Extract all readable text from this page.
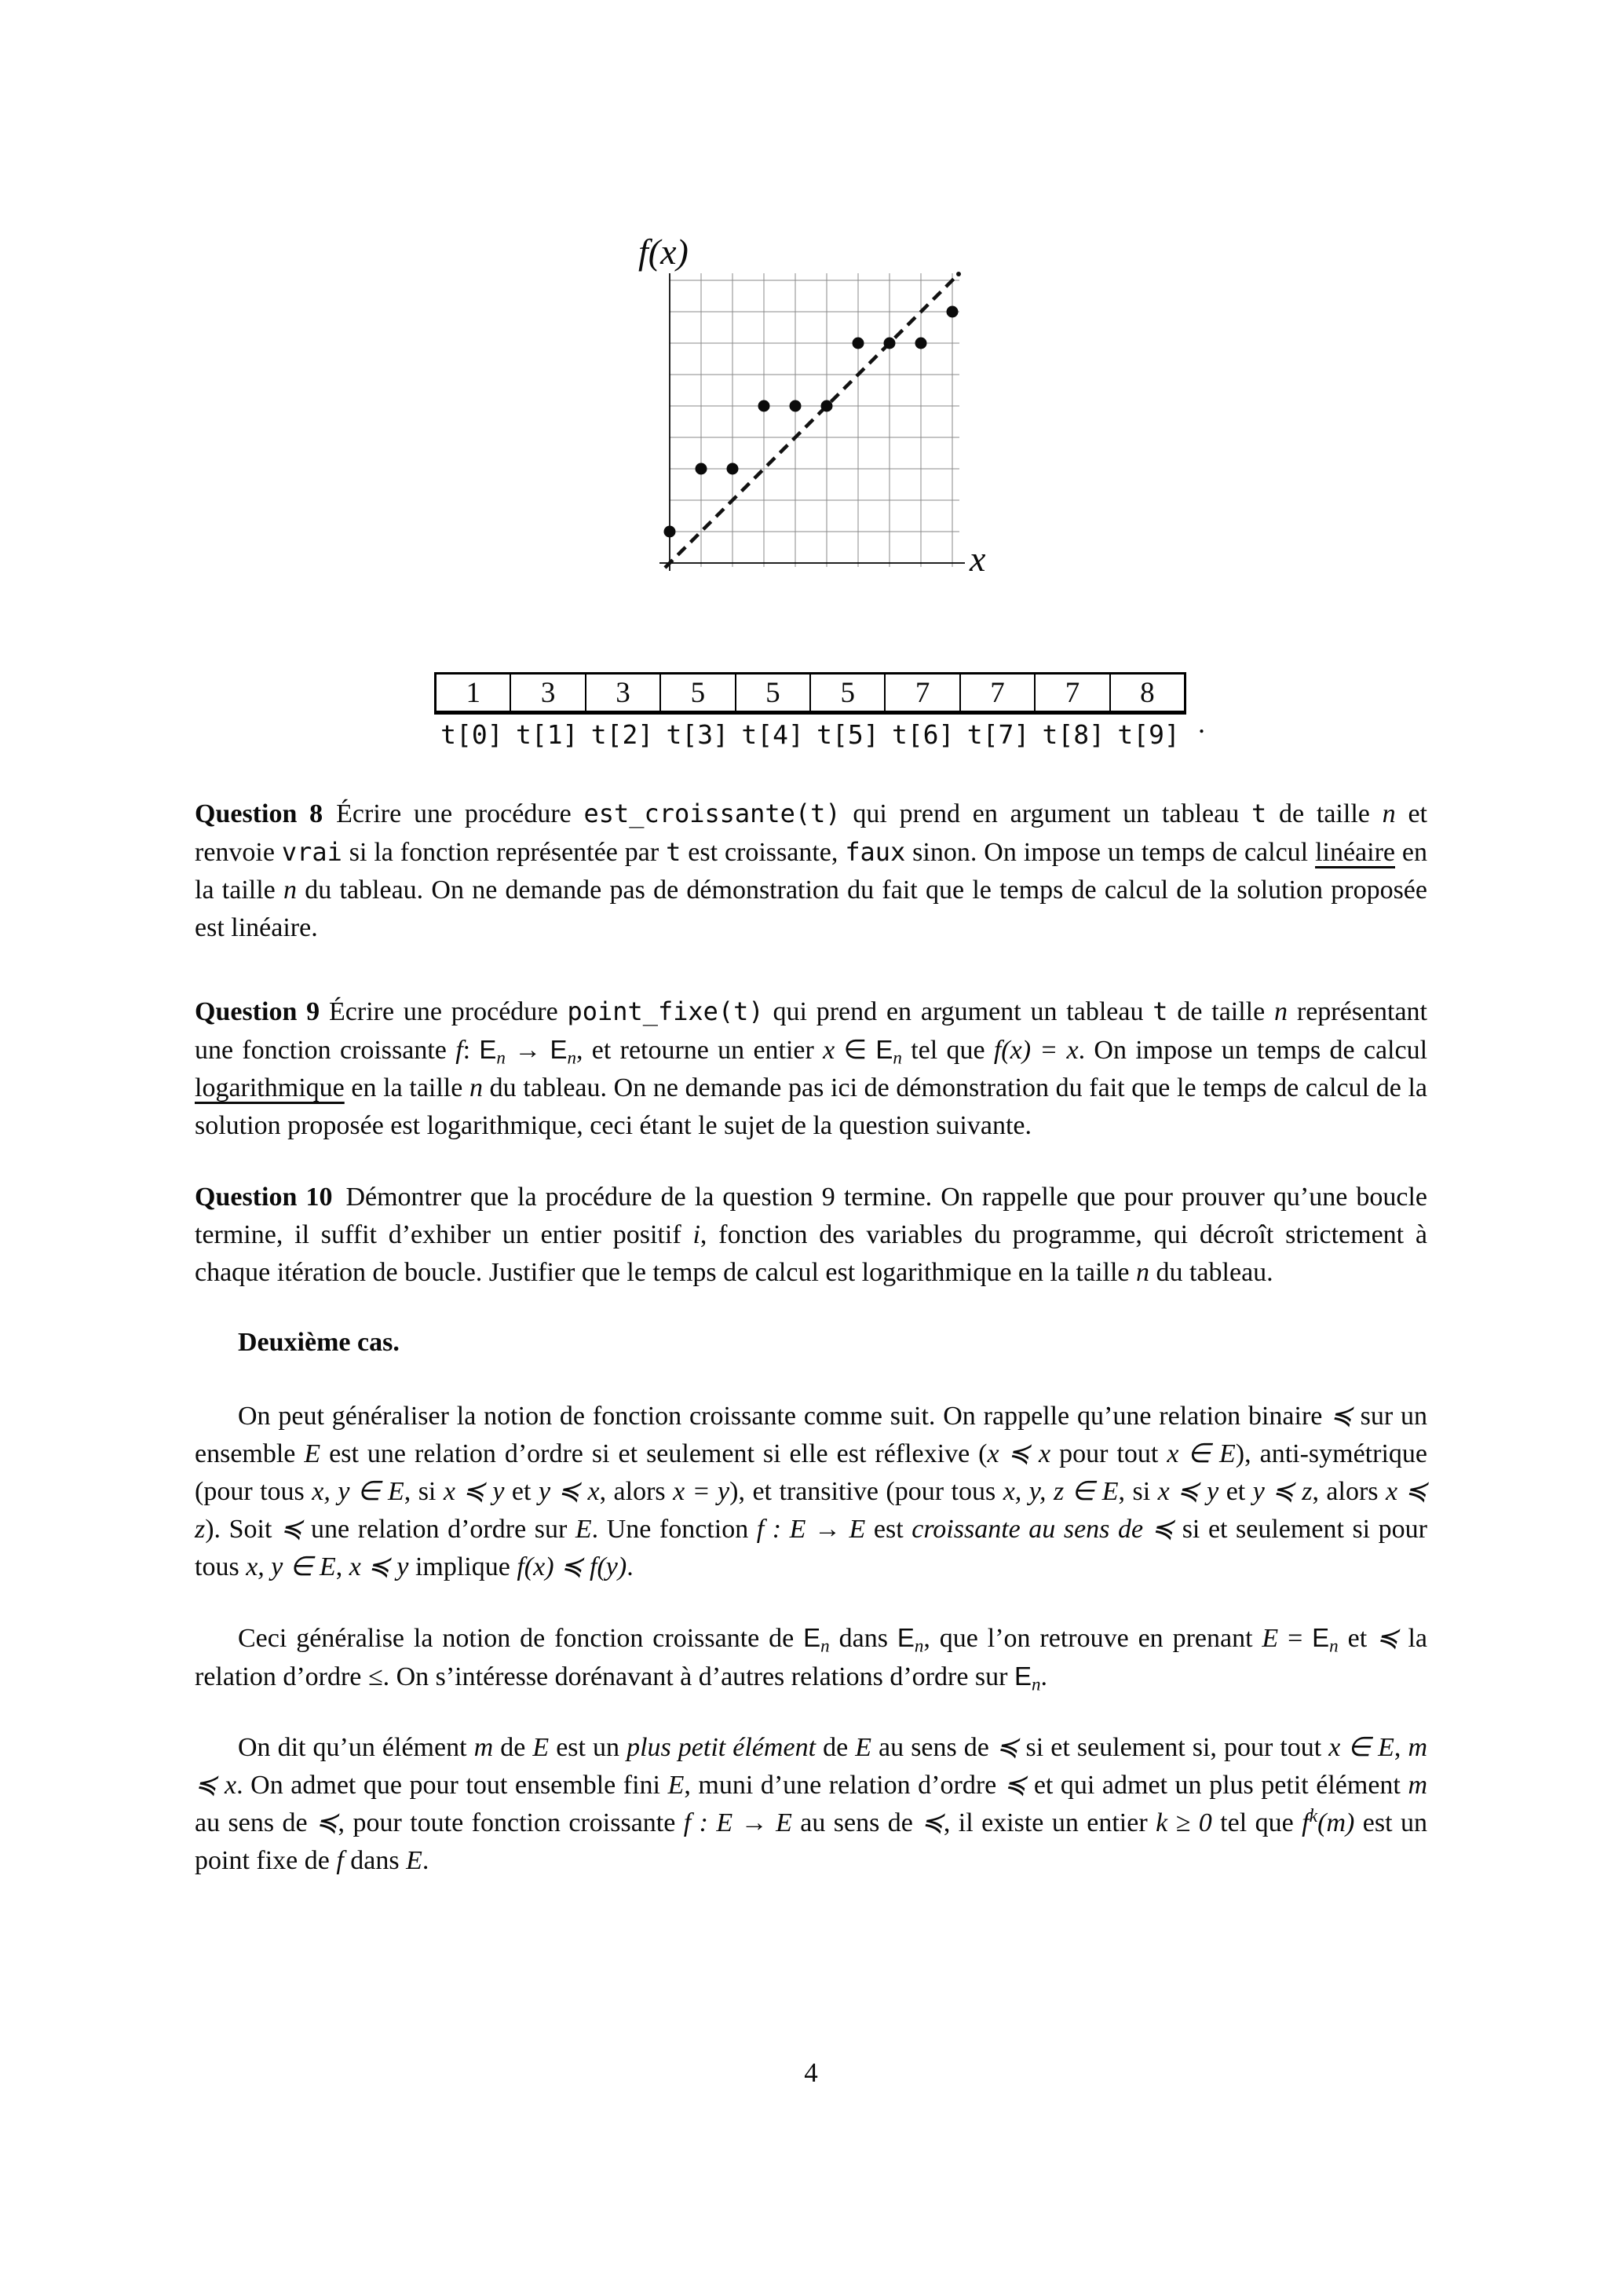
f(x)
x
1	3	3	5	5	5	7	7	7	8
t[0] t[1] t[2] t[3] t[4] t[5] t[6] t[7] t[8] t[9] .

Question 8 Écrire une procédure est_croissante(t) qui prend en argument un tableau t de taille n et renvoie vrai si la fonction représentée par t est croissante, faux sinon. On impose un temps de calcul linéaire en la taille n du tableau. On ne demande pas de démonstration du fait que le temps de calcul de la solution proposée est linéaire.

Question 9 Écrire une procédure point_fixe(t) qui prend en argument un tableau t de taille n représentant une fonction croissante f: $E_n \to E_n$, et retourne un entier x ∈ $E_n$ tel que f(x) = x. On impose un temps de calcul logarithmique en la taille n du tableau. On ne demande pas ici de démonstration du fait que le temps de calcul de la solution proposée est logarithmique, ceci étant le sujet de la question suivante.

Question 10 Démontrer que la procédure de la question 9 termine. On rappelle que pour prouver qu’une boucle termine, il suffit d’exhiber un entier positif i, fonction des variables du programme, qui décroît strictement à chaque itération de boucle. Justifier que le temps de calcul est logarithmique en la taille n du tableau.

Deuxième cas.

On peut généraliser la notion de fonction croissante comme suit. On rappelle qu’une relation binaire ≼ sur un ensemble E est une relation d’ordre si et seulement si elle est réflexive (x ≼ x pour tout x ∈ E), anti-symétrique (pour tous x, y ∈ E, si x ≼ y et y ≼ x, alors x = y), et transitive (pour tous x, y, z ∈ E, si x ≼ y et y ≼ z, alors x ≼ z). Soit ≼ une relation d’ordre sur E. Une fonction f : E → E est croissante au sens de ≼ si et seulement si pour tous x, y ∈ E, x ≼ y implique f(x) ≼ f(y).

Ceci généralise la notion de fonction croissante de $E_n$ dans $E_n$, que l’on retrouve en prenant $E = E_n$ et ≼ la relation d’ordre ≤. On s’intéresse dorénavant à d’autres relations d’ordre sur $E_n$.

On dit qu’un élément m de E est un plus petit élément de E au sens de ≼ si et seulement si, pour tout x ∈ E, m ≼ x. On admet que pour tout ensemble fini E, muni d’une relation d’ordre ≼ et qui admet un plus petit élément m au sens de ≼, pour toute fonction croissante f : E → E au sens de ≼, il existe un entier k ≥ 0 tel que $f^k(m)$ est un point fixe de f dans E.

4
